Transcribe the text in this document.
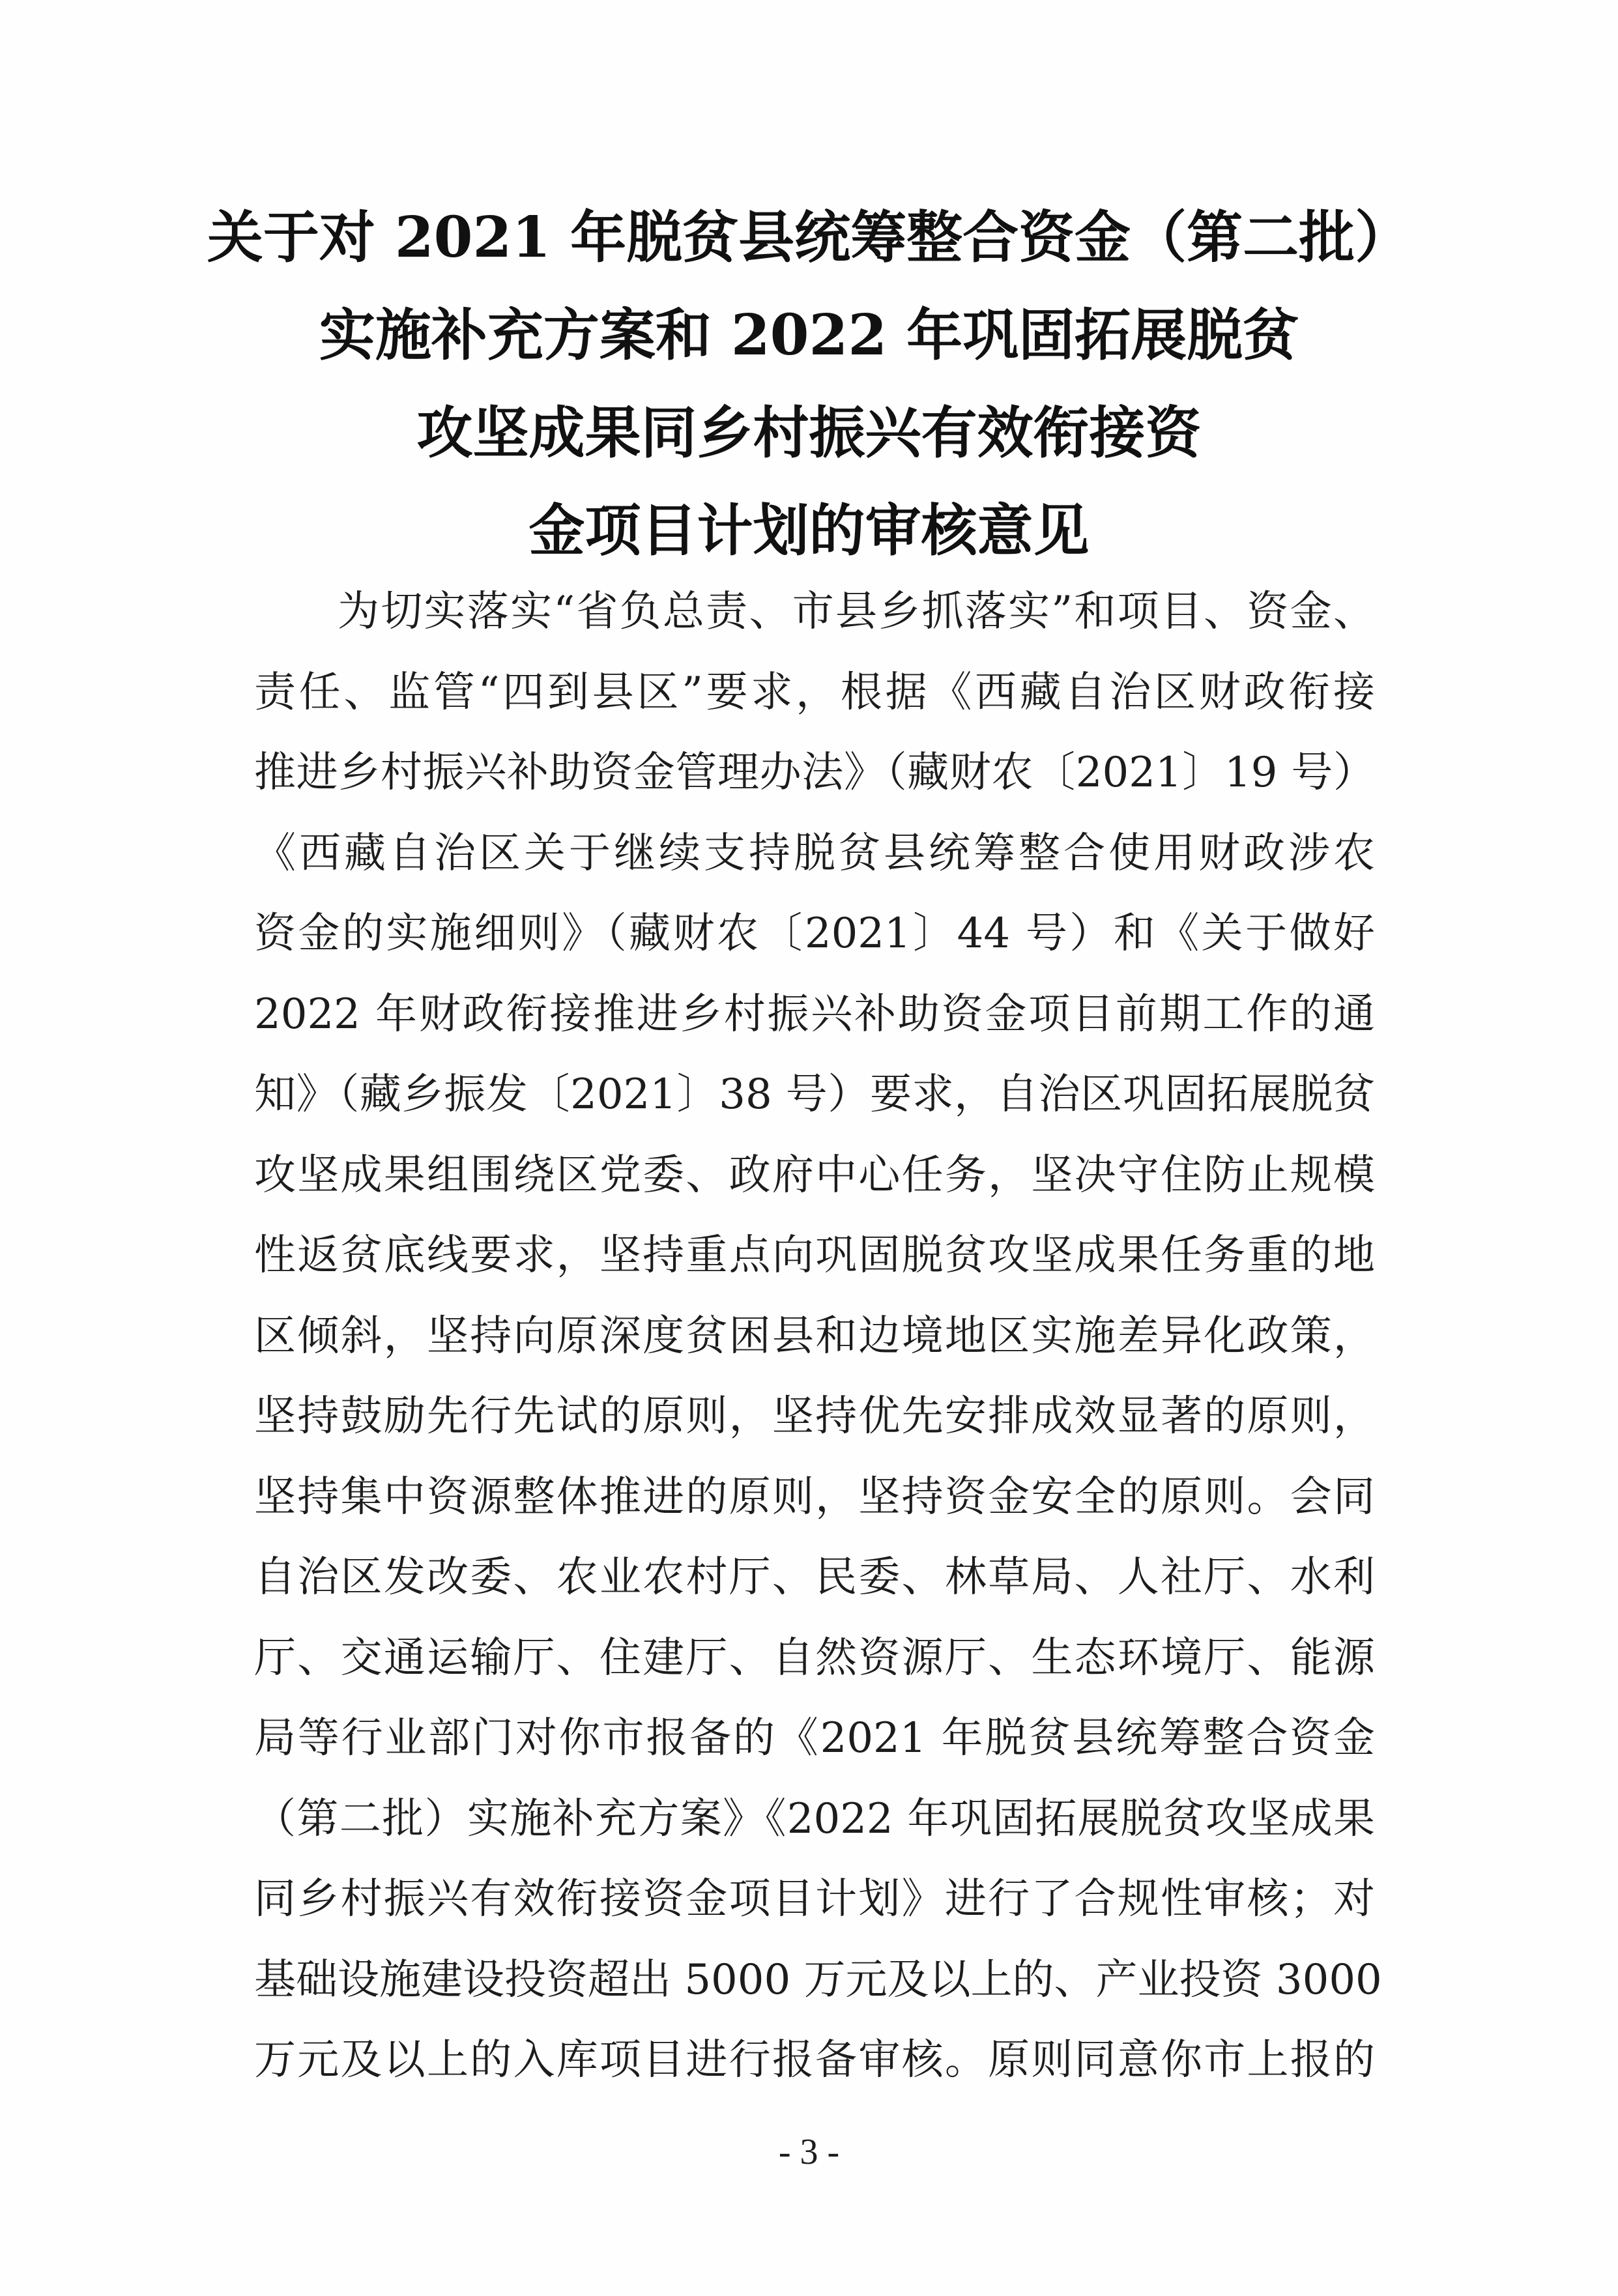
关于对 2021 年脱贫县统筹整合资金（第二批）
实施补充方案和 2022 年巩固拓展脱贫
攻坚成果同乡村振兴有效衔接资
金项目计划的审核意见
为切实落实“省负总责、市县乡抓落实”和项目、资金、
责任、监管“四到县区”要求，根据《西藏自治区财政衔接
推进乡村振兴补助资金管理办法》（藏财农〔2021〕19 号）
《西藏自治区关于继续支持脱贫县统筹整合使用财政涉农
资金的实施细则》（藏财农〔2021〕44 号）和《关于做好
2022 年财政衔接推进乡村振兴补助资金项目前期工作的通
知》（藏乡振发〔2021〕38 号）要求，自治区巩固拓展脱贫
攻坚成果组围绕区党委、政府中心任务，坚决守住防止规模
性返贫底线要求，坚持重点向巩固脱贫攻坚成果任务重的地
区倾斜，坚持向原深度贫困县和边境地区实施差异化政策，
坚持鼓励先行先试的原则，坚持优先安排成效显著的原则，
坚持集中资源整体推进的原则，坚持资金安全的原则。会同
自治区发改委、农业农村厅、民委、林草局、人社厅、水利
厅、交通运输厅、住建厅、自然资源厅、生态环境厅、能源
局等行业部门对你市报备的《2021 年脱贫县统筹整合资金
（第二批）实施补充方案》《2022 年巩固拓展脱贫攻坚成果
同乡村振兴有效衔接资金项目计划》进行了合规性审核；对
基础设施建设投资超出 5000 万元及以上的、产业投资 3000
万元及以上的入库项目进行报备审核。原则同意你市上报的
- 3 -
